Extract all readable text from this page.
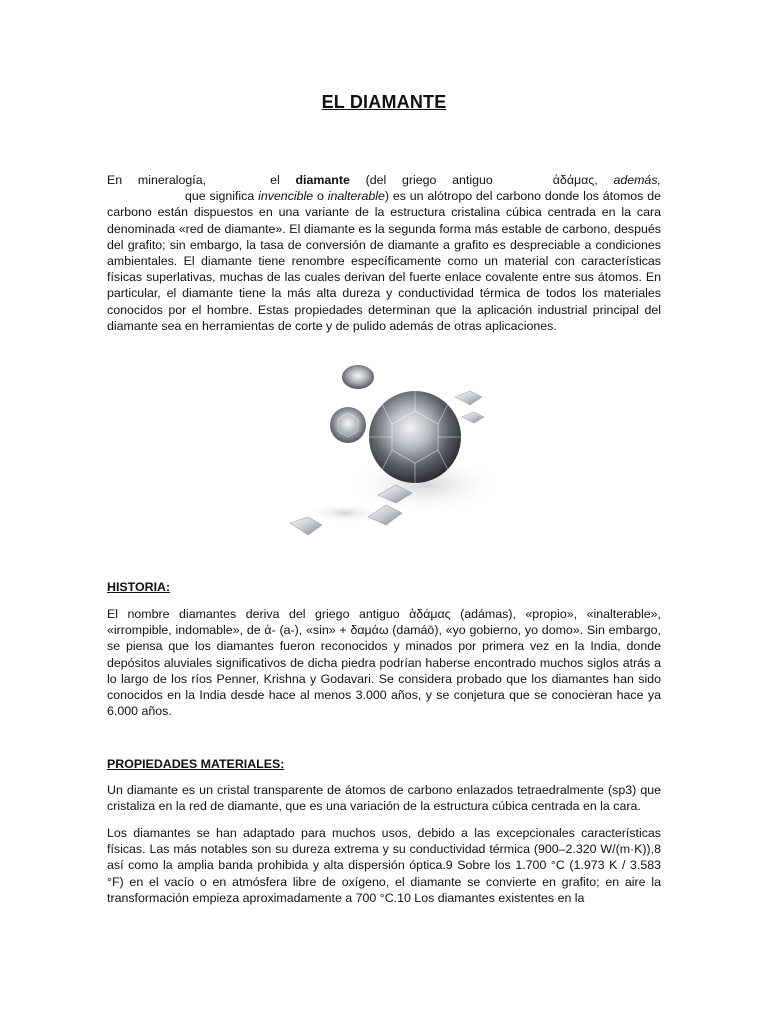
EL DIAMANTE
En mineralogía,	el diamante (del griego antiguo	ἀδάμας, además,que significa invencible o inalterable) es un alótropo del carbono donde los átomos de carbono están dispuestos en una variante de la estructura cristalina cúbica centrada en la cara denominada «red de diamante». El diamante es la segunda forma más estable de carbono, después del grafito; sin embargo, la tasa de conversión de diamante a grafito es despreciable a condiciones ambientales. El diamante tiene renombre específicamente como un material con características físicas superlativas, muchas de las cuales derivan del fuerte enlace covalente entre sus átomos. En particular, el diamante tiene la más alta dureza y conductividad térmica de todos los materiales conocidos por el hombre. Estas propiedades determinan que la aplicación industrial principal del diamante sea en herramientas de corte y de pulido además de otras aplicaciones.
HISTORIA:
El nombre diamantes deriva del griego antiguo ἀδάμας (adámas), «propio», «inalterable», «irrompible, indomable», de ἀ- (a-), «sin» + δαμάω (damáō), «yo gobierno, yo domo». Sin embargo, se piensa que los diamantes fueron reconocidos y minados por primera vez en la India, donde depósitos aluviales significativos de dicha piedra podrían haberse encontrado muchos siglos atrás a lo largo de los ríos Penner, Krishna y Godavari. Se considera probado que los diamantes han sido conocidos en la India desde hace al menos 3.000 años, y se conjetura que se conocieran hace ya 6.000 años.
PROPIEDADES MATERIALES:
Un diamante es un cristal transparente de átomos de carbono enlazados tetraedralmente (sp3) que cristaliza en la red de diamante, que es una variación de la estructura cúbica centrada en la cara.
Los diamantes se han adaptado para muchos usos, debido a las excepcionales características físicas. Las más notables son su dureza extrema y su conductividad térmica (900–2.320 W/(m·K)),8 así como la amplia banda prohibida y alta dispersión óptica.9 Sobre los 1.700 °C (1.973 K / 3.583 °F) en el vacío o en atmósfera libre de oxígeno, el diamante se convierte en grafito; en aire la transformación empieza aproximadamente a 700 °C.10 Los diamantes existentes en la
